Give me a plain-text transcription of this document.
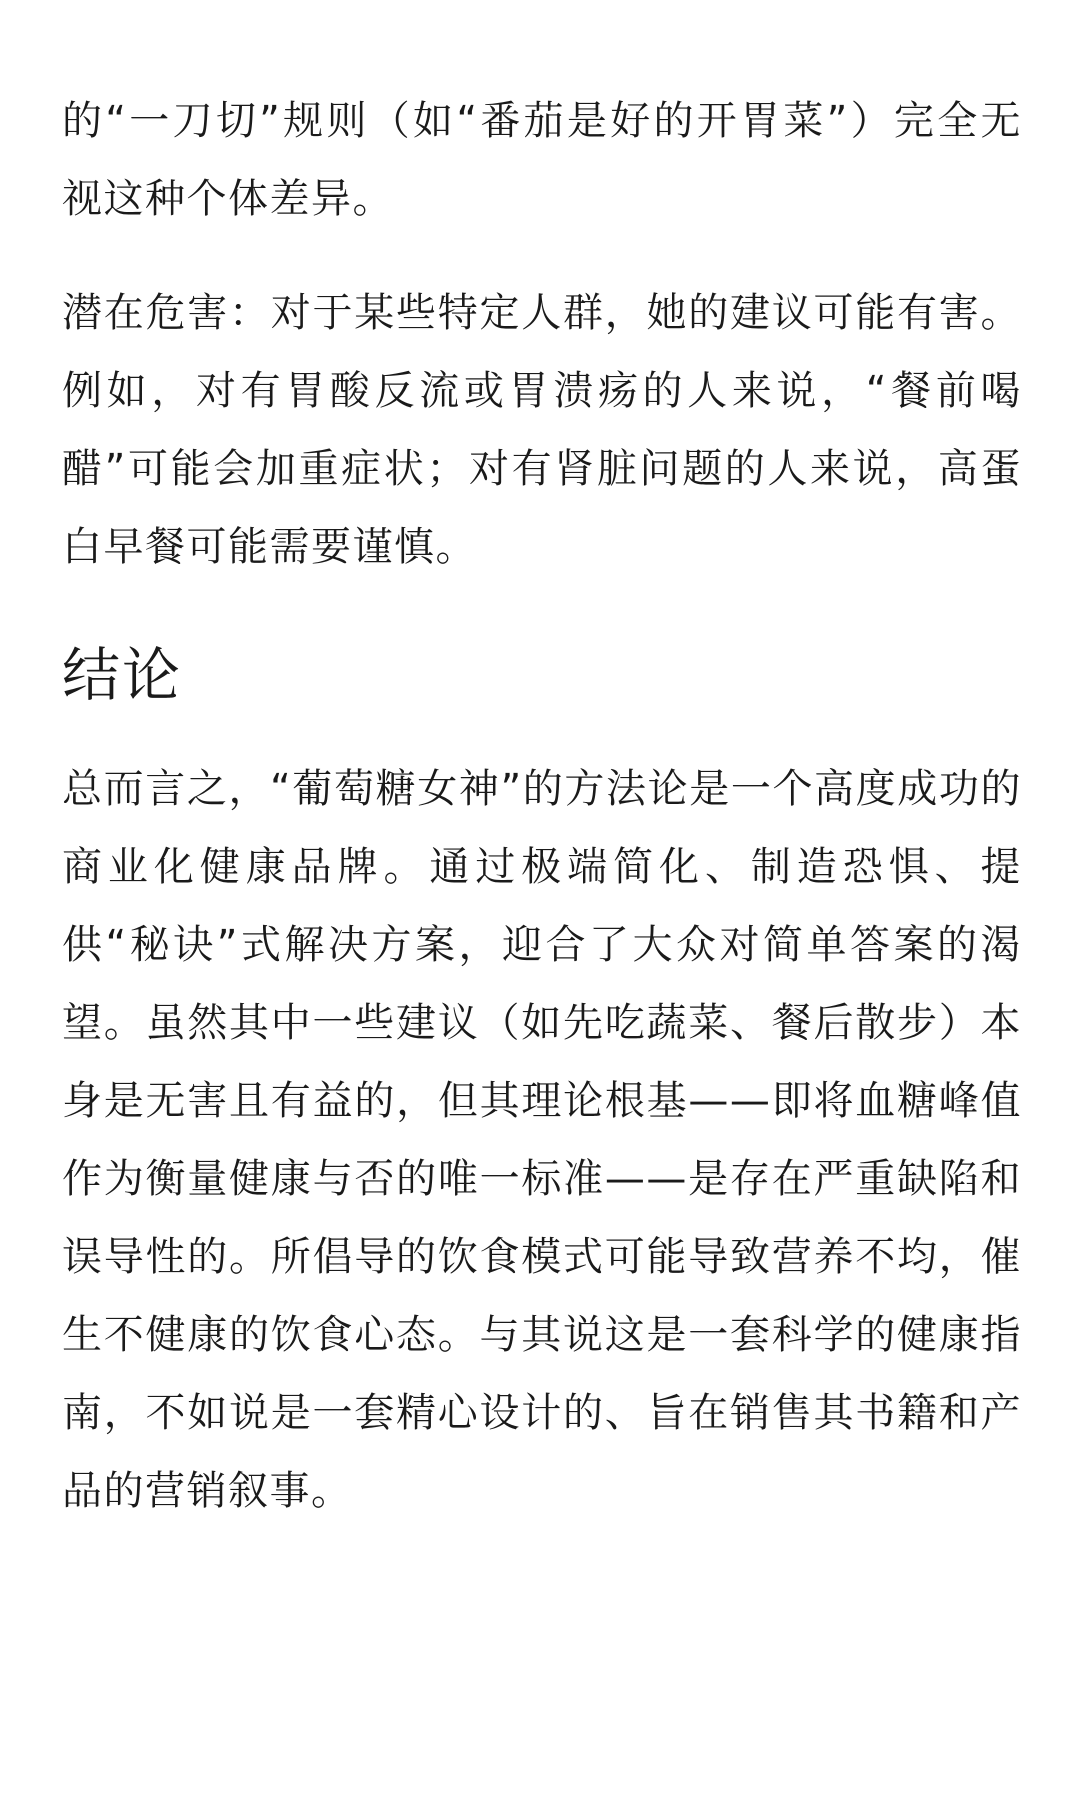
的“一刀切”规则（如“番茄是好的开胃菜”）完全无视这种个体差异。

潜在危害：对于某些特定人群，她的建议可能有害。例如，对有胃酸反流或胃溃疡的人来说，“餐前喝醋”可能会加重症状；对有肾脏问题的人来说，高蛋白早餐可能需要谨慎。

结论

总而言之，“葡萄糖女神”的方法论是一个高度成功的商业化健康品牌。通过极端简化、制造恐惧、提供“秘诀”式解决方案，迎合了大众对简单答案的渴望。虽然其中一些建议（如先吃蔬菜、餐后散步）本身是无害且有益的，但其理论根基——即将血糖峰值作为衡量健康与否的唯一标准——是存在严重缺陷和误导性的。所倡导的饮食模式可能导致营养不均，催生不健康的饮食心态。与其说这是一套科学的健康指南，不如说是一套精心设计的、旨在销售其书籍和产品的营销叙事。
